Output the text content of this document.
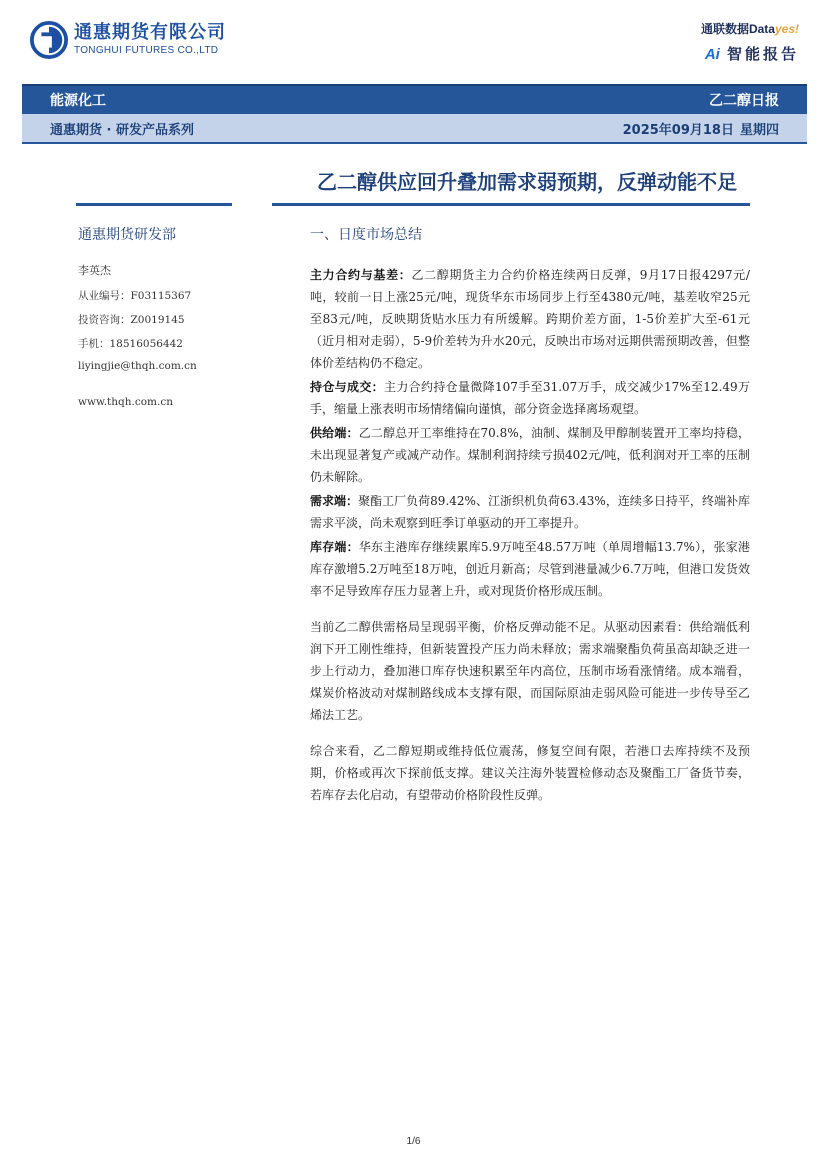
通惠期货有限公司
TONGHUI FUTURES CO.,LTD
通联数据Datayes!
Ai 智能报告
能源化工	乙二醇日报
通惠期货 · 研发产品系列	2025年09月18日 星期四
乙二醇供应回升叠加需求弱预期，反弹动能不足
通惠期货研发部
李英杰
从业编号：F03115367
投资咨询：Z0019145
手机：18516056442
liyingjie@thqh.com.cn
www.thqh.com.cn
一、日度市场总结

主力合约与基差：乙二醇期货主力合约价格连续两日反弹，9月17日报4297元/吨，较前一日上涨25元/吨，现货华东市场同步上行至4380元/吨，基差收窄25元至83元/吨，反映期货贴水压力有所缓解。跨期价差方面，1-5价差扩大至-61元（近月相对走弱），5-9价差转为升水20元，反映出市场对远期供需预期改善，但整体价差结构仍不稳定。

持仓与成交：主力合约持仓量微降107手至31.07万手，成交减少17%至12.49万手，缩量上涨表明市场情绪偏向谨慎，部分资金选择离场观望。

供给端：乙二醇总开工率维持在70.8%，油制、煤制及甲醇制装置开工率均持稳，未出现显著复产或减产动作。煤制利润持续亏损402元/吨，低利润对开工率的压制仍未解除。

需求端：聚酯工厂负荷89.42%、江浙织机负荷63.43%，连续多日持平，终端补库需求平淡，尚未观察到旺季订单驱动的开工率提升。

库存端：华东主港库存继续累库5.9万吨至48.57万吨（单周增幅13.7%），张家港库存激增5.2万吨至18万吨，创近月新高；尽管到港量减少6.7万吨，但港口发货效率不足导致库存压力显著上升，或对现货价格形成压制。

当前乙二醇供需格局呈现弱平衡，价格反弹动能不足。从驱动因素看：供给端低利润下开工刚性维持，但新装置投产压力尚未释放；需求端聚酯负荷虽高却缺乏进一步上行动力，叠加港口库存快速积累至年内高位，压制市场看涨情绪。成本端看，煤炭价格波动对煤制路线成本支撑有限，而国际原油走弱风险可能进一步传导至乙烯法工艺。

综合来看，乙二醇短期或维持低位震荡，修复空间有限，若港口去库持续不及预期，价格或再次下探前低支撑。建议关注海外装置检修动态及聚酯工厂备货节奏，若库存去化启动，有望带动价格阶段性反弹。

1/6
